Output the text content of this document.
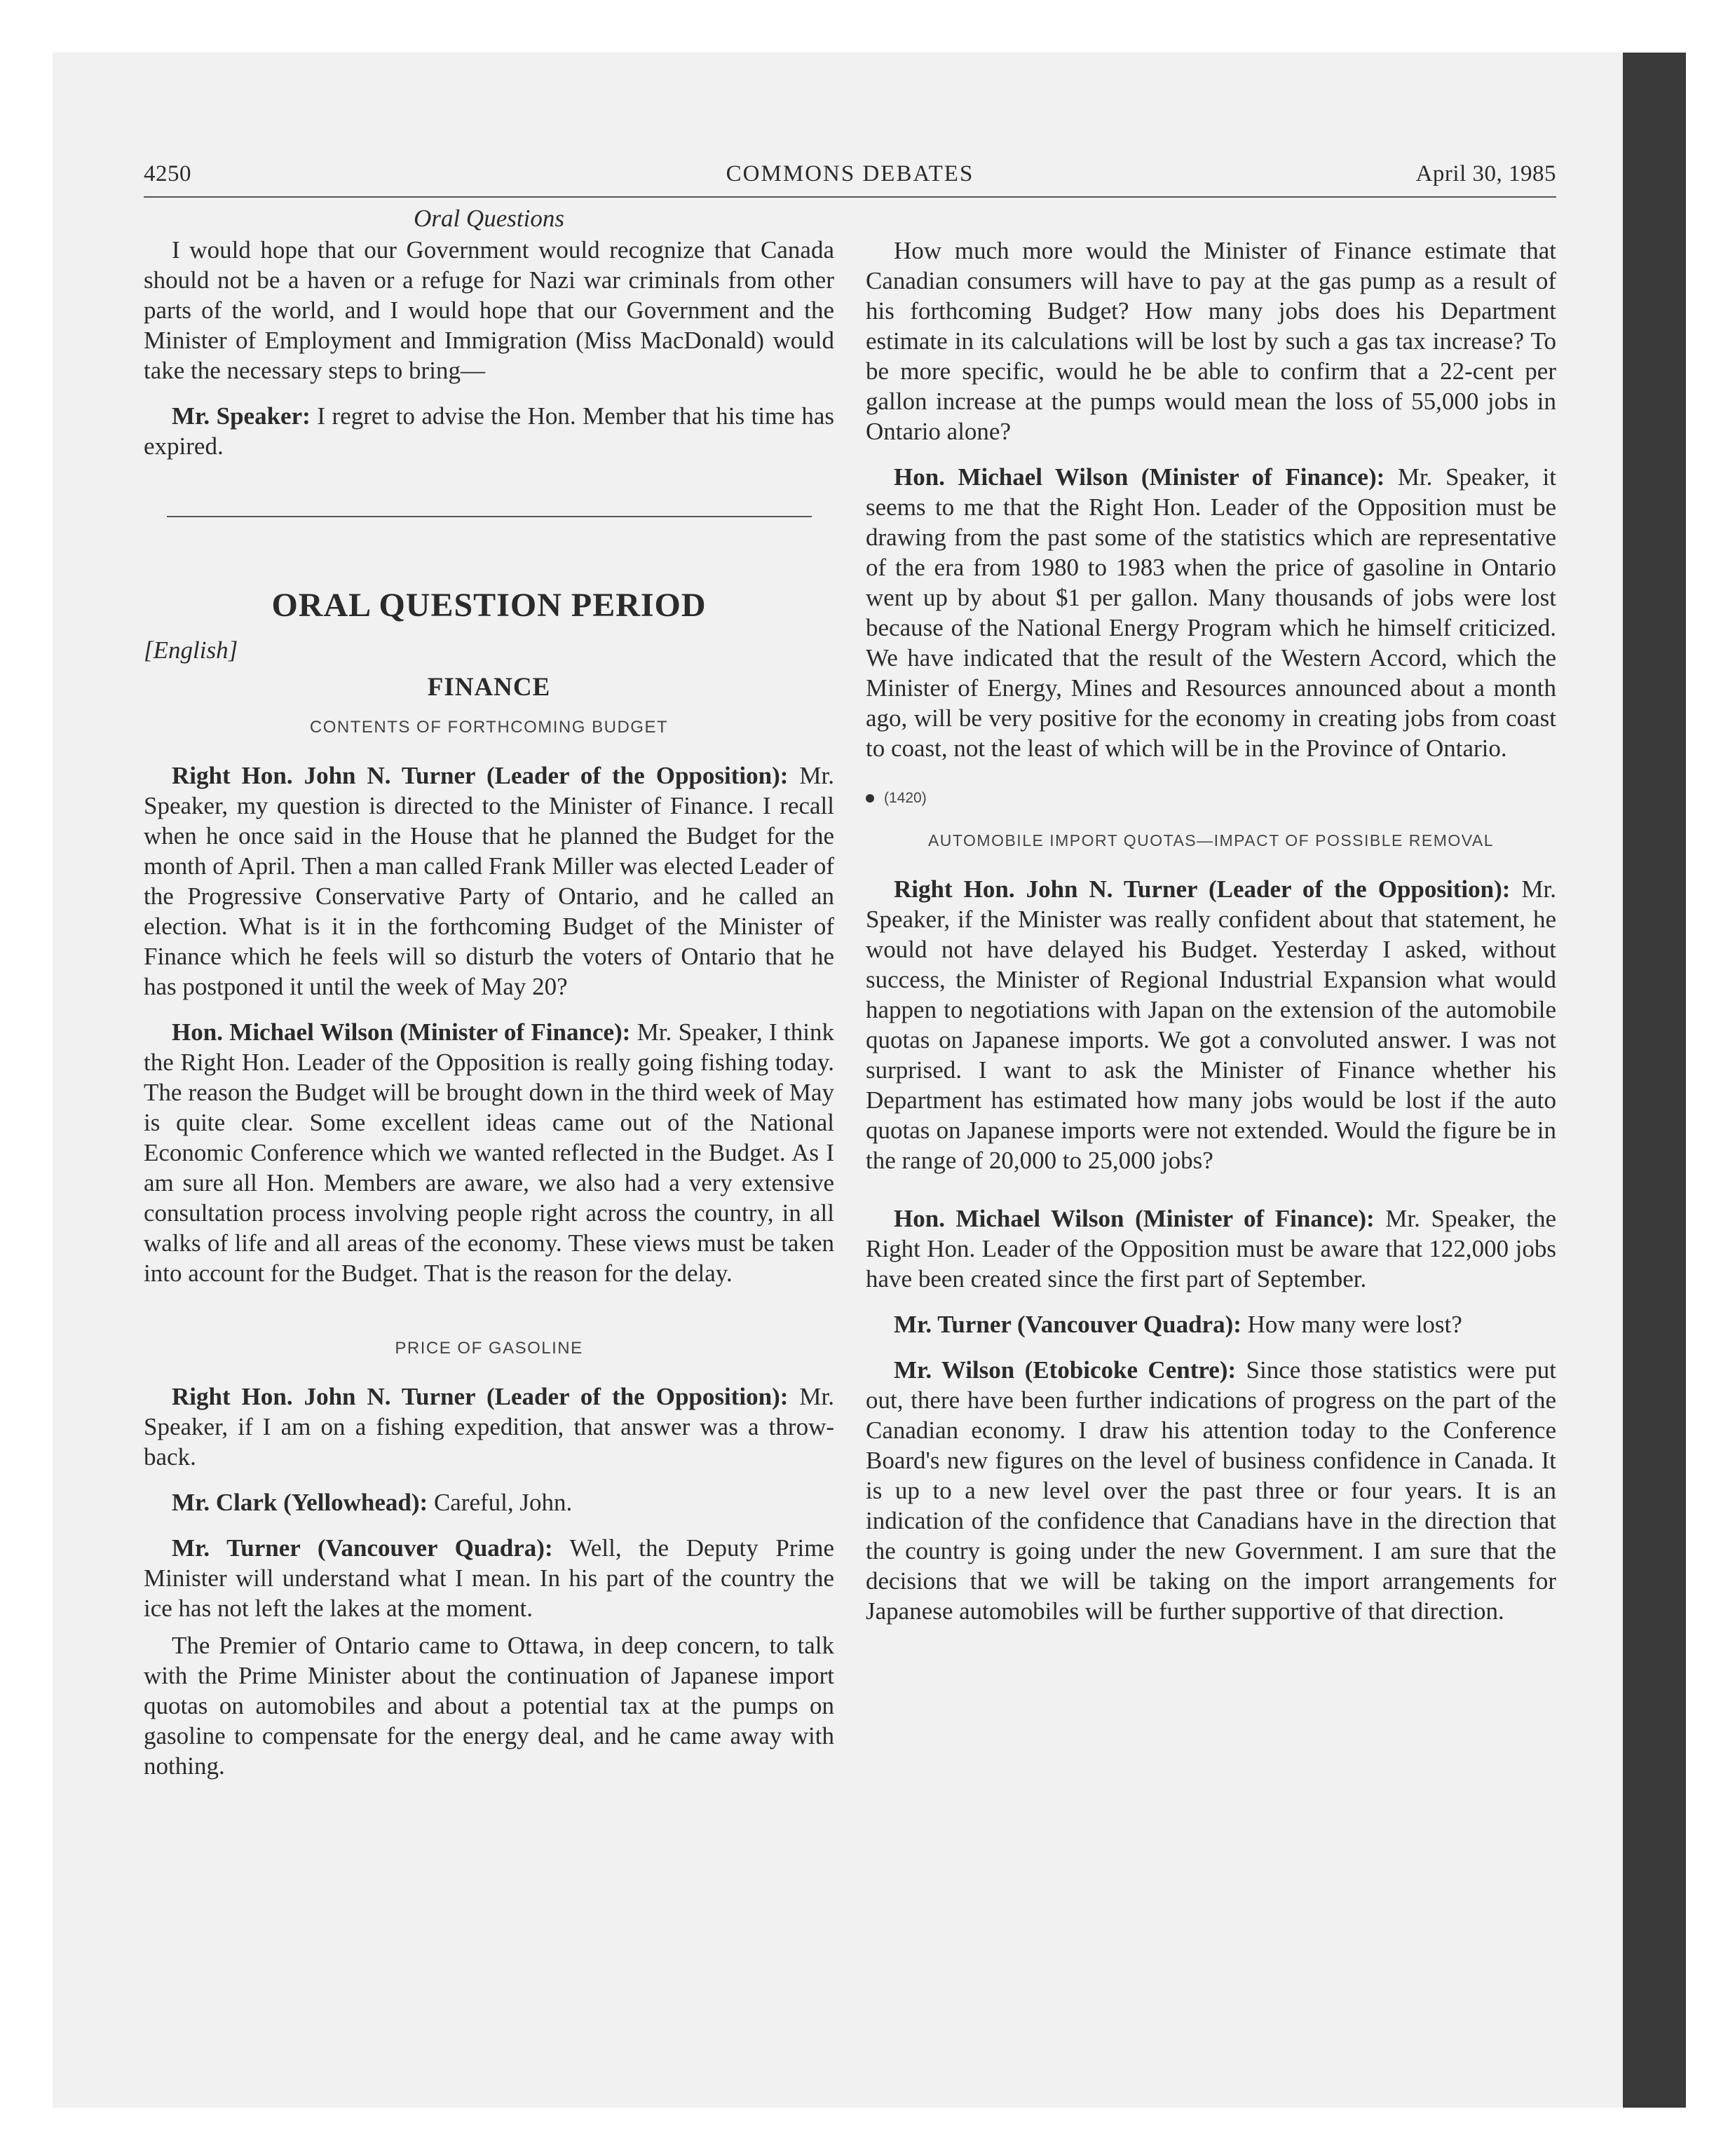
4250	COMMONS DEBATES	April 30, 1985

Oral Questions

I would hope that our Government would recognize that Canada should not be a haven or a refuge for Nazi war criminals from other parts of the world, and I would hope that our Government and the Minister of Employment and Immigration (Miss MacDonald) would take the necessary steps to bring—

Mr. Speaker: I regret to advise the Hon. Member that his time has expired.

ORAL QUESTION PERIOD

[English]

FINANCE

CONTENTS OF FORTHCOMING BUDGET

Right Hon. John N. Turner (Leader of the Opposition): Mr. Speaker, my question is directed to the Minister of Finance. I recall when he once said in the House that he planned the Budget for the month of April. Then a man called Frank Miller was elected Leader of the Progressive Conservative Party of Ontario, and he called an election. What is it in the forthcoming Budget of the Minister of Finance which he feels will so disturb the voters of Ontario that he has postponed it until the week of May 20?

Hon. Michael Wilson (Minister of Finance): Mr. Speaker, I think the Right Hon. Leader of the Opposition is really going fishing today. The reason the Budget will be brought down in the third week of May is quite clear. Some excellent ideas came out of the National Economic Conference which we wanted reflected in the Budget. As I am sure all Hon. Members are aware, we also had a very extensive consultation process involving people right across the country, in all walks of life and all areas of the economy. These views must be taken into account for the Budget. That is the reason for the delay.

PRICE OF GASOLINE

Right Hon. John N. Turner (Leader of the Opposition): Mr. Speaker, if I am on a fishing expedition, that answer was a throw-back.

Mr. Clark (Yellowhead): Careful, John.

Mr. Turner (Vancouver Quadra): Well, the Deputy Prime Minister will understand what I mean. In his part of the country the ice has not left the lakes at the moment.

The Premier of Ontario came to Ottawa, in deep concern, to talk with the Prime Minister about the continuation of Japanese import quotas on automobiles and about a potential tax at the pumps on gasoline to compensate for the energy deal, and he came away with nothing.

How much more would the Minister of Finance estimate that Canadian consumers will have to pay at the gas pump as a result of his forthcoming Budget? How many jobs does his Department estimate in its calculations will be lost by such a gas tax increase? To be more specific, would he be able to confirm that a 22-cent per gallon increase at the pumps would mean the loss of 55,000 jobs in Ontario alone?

Hon. Michael Wilson (Minister of Finance): Mr. Speaker, it seems to me that the Right Hon. Leader of the Opposition must be drawing from the past some of the statistics which are representative of the era from 1980 to 1983 when the price of gasoline in Ontario went up by about $1 per gallon. Many thousands of jobs were lost because of the National Energy Program which he himself criticized. We have indicated that the result of the Western Accord, which the Minister of Energy, Mines and Resources announced about a month ago, will be very positive for the economy in creating jobs from coast to coast, not the least of which will be in the Province of Ontario.

(1420)

AUTOMOBILE IMPORT QUOTAS—IMPACT OF POSSIBLE REMOVAL

Right Hon. John N. Turner (Leader of the Opposition): Mr. Speaker, if the Minister was really confident about that statement, he would not have delayed his Budget. Yesterday I asked, without success, the Minister of Regional Industrial Expansion what would happen to negotiations with Japan on the extension of the automobile quotas on Japanese imports. We got a convoluted answer. I was not surprised. I want to ask the Minister of Finance whether his Department has estimated how many jobs would be lost if the auto quotas on Japanese imports were not extended. Would the figure be in the range of 20,000 to 25,000 jobs?

Hon. Michael Wilson (Minister of Finance): Mr. Speaker, the Right Hon. Leader of the Opposition must be aware that 122,000 jobs have been created since the first part of September.

Mr. Turner (Vancouver Quadra): How many were lost?

Mr. Wilson (Etobicoke Centre): Since those statistics were put out, there have been further indications of progress on the part of the Canadian economy. I draw his attention today to the Conference Board's new figures on the level of business confidence in Canada. It is up to a new level over the past three or four years. It is an indication of the confidence that Canadians have in the direction that the country is going under the new Government. I am sure that the decisions that we will be taking on the import arrangements for Japanese automobiles will be further supportive of that direction.
